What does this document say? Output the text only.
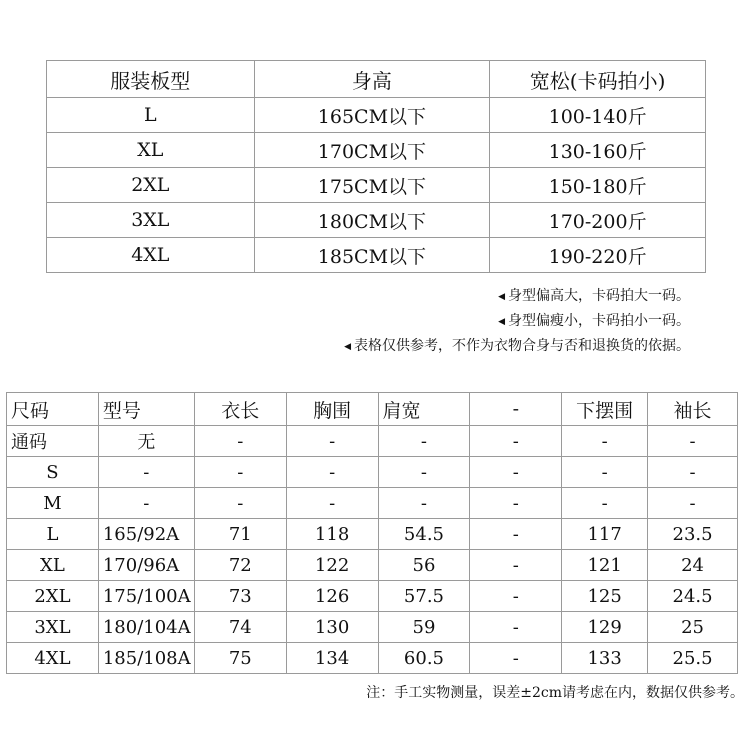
服装板型	身高	宽松(卡码拍小)
L	165CM以下	100-140斤
XL	170CM以下	130-160斤
2XL	175CM以下	150-180斤
3XL	180CM以下	170-200斤
4XL	185CM以下	190-220斤
◀ 身型偏高大，卡码拍大一码。
◀ 身型偏瘦小，卡码拍小一码。
◀ 表格仅供参考，不作为衣物合身与否和退换货的依据。
尺码	型号	衣长	胸围	肩宽	-	下摆围	袖长
通码	无	-	-	-	-	-	-
S	-	-	-	-	-	-	-
M	-	-	-	-	-	-	-
L	165/92A	71	118	54.5	-	117	23.5
XL	170/96A	72	122	56	-	121	24
2XL	175/100A	73	126	57.5	-	125	24.5
3XL	180/104A	74	130	59	-	129	25
4XL	185/108A	75	134	60.5	-	133	25.5
注：手工实物测量，误差±2cm请考虑在内，数据仅供参考。
